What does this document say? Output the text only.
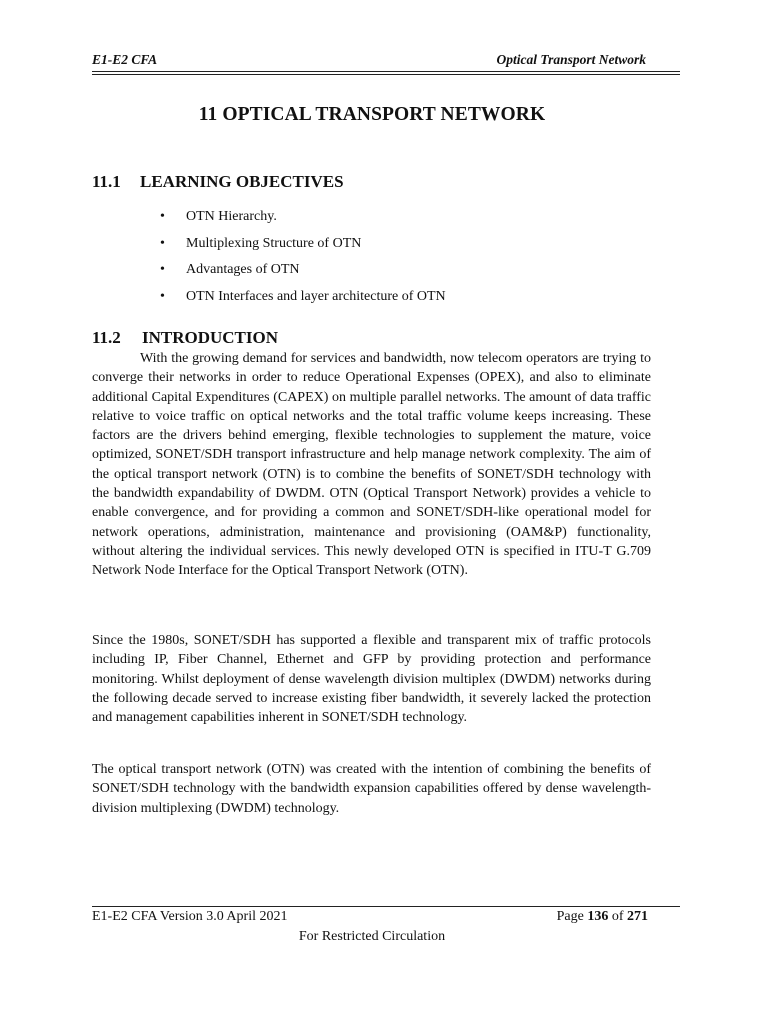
E1-E2 CFA	Optical Transport Network
11 OPTICAL TRANSPORT NETWORK
11.1 LEARNING OBJECTIVES
• OTN Hierarchy.
• Multiplexing Structure of OTN
• Advantages of OTN
• OTN Interfaces and layer architecture of OTN
11.2 INTRODUCTION

With the growing demand for services and bandwidth, now telecom operators are trying to converge their networks in order to reduce Operational Expenses (OPEX), and also to eliminate additional Capital Expenditures (CAPEX) on multiple parallel networks. The amount of data traffic relative to voice traffic on optical networks and the total traffic volume keeps increasing. These factors are the drivers behind emerging, flexible technologies to supplement the mature, voice optimized, SONET/SDH transport infrastructure and help manage network complexity. The aim of the optical transport network (OTN) is to combine the benefits of SONET/SDH technology with the bandwidth expandability of DWDM. OTN (Optical Transport Network) provides a vehicle to enable convergence, and for providing a common and SONET/SDH-like operational model for network operations, administration, maintenance and provisioning (OAM&P) functionality, without altering the individual services. This newly developed OTN is specified in ITU-T G.709 Network Node Interface for the Optical Transport Network (OTN).

Since the 1980s, SONET/SDH has supported a flexible and transparent mix of traffic protocols including IP, Fiber Channel, Ethernet and GFP by providing protection and performance monitoring. Whilst deployment of dense wavelength division multiplex (DWDM) networks during the following decade served to increase existing fiber bandwidth, it severely lacked the protection and management capabilities inherent in SONET/SDH technology.

The optical transport network (OTN) was created with the intention of combining the benefits of SONET/SDH technology with the bandwidth expansion capabilities offered by dense wavelength-division multiplexing (DWDM) technology.

E1-E2 CFA Version 3.0 April 2021	Page 136 of 271
For Restricted Circulation
